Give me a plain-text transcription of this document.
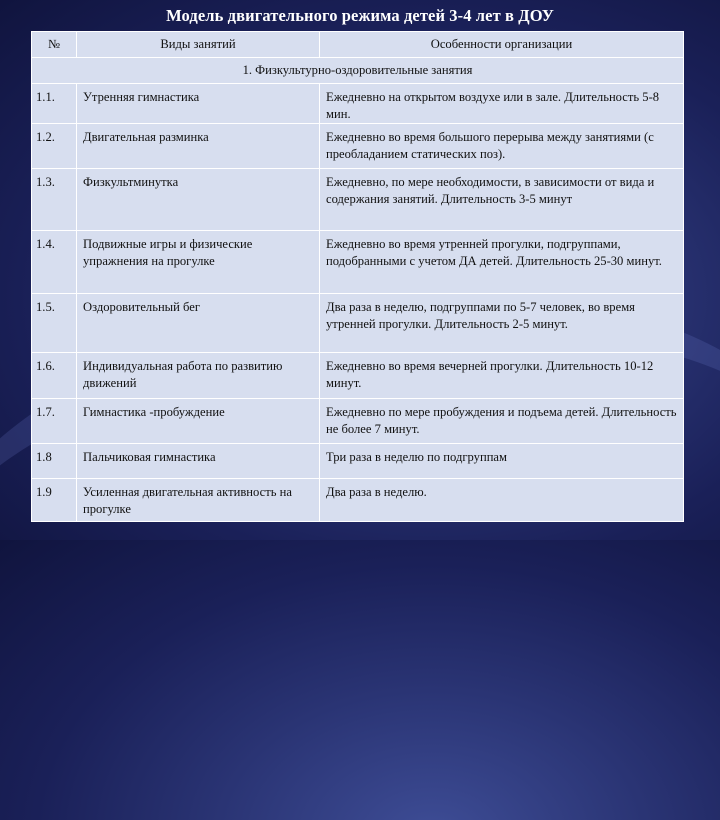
Модель двигательного режима детей 3-4 лет в ДОУ
№	Виды занятий	Особенности организации
1. Физкультурно-оздоровительные занятия		
1.1.	Утренняя гимнастика	Ежедневно на открытом воздухе или в зале. Длительность 5-8 мин.
1.2.	Двигательная разминка	Ежедневно во время большого перерыва между занятиями (с преобладанием статических поз).
1.3.	Физкультминутка	Ежедневно, по мере необходимости, в зависимости от вида и содержания занятий. Длительность 3-5 минут
1.4.	Подвижные игры и физические упражнения на прогулке	Ежедневно во время утренней прогулки, подгруппами, подобранными с учетом ДА детей. Длительность 25-30 минут.
1.5.	Оздоровительный бег	Два раза в неделю, подгруппами по 5-7 человек, во время утренней прогулки. Длительность 2-5 минут.
1.6.	Индивидуальная работа по развитию движений	Ежедневно во время вечерней прогулки. Длительность 10-12 минут.
1.7.	Гимнастика -пробуждение	Ежедневно по мере пробуждения и подъема детей. Длительность не более 7 минут.
1.8	Пальчиковая гимнастика	Три раза в неделю по подгруппам
1.9	Усиленная двигательная активность на прогулке	Два раза в неделю.
